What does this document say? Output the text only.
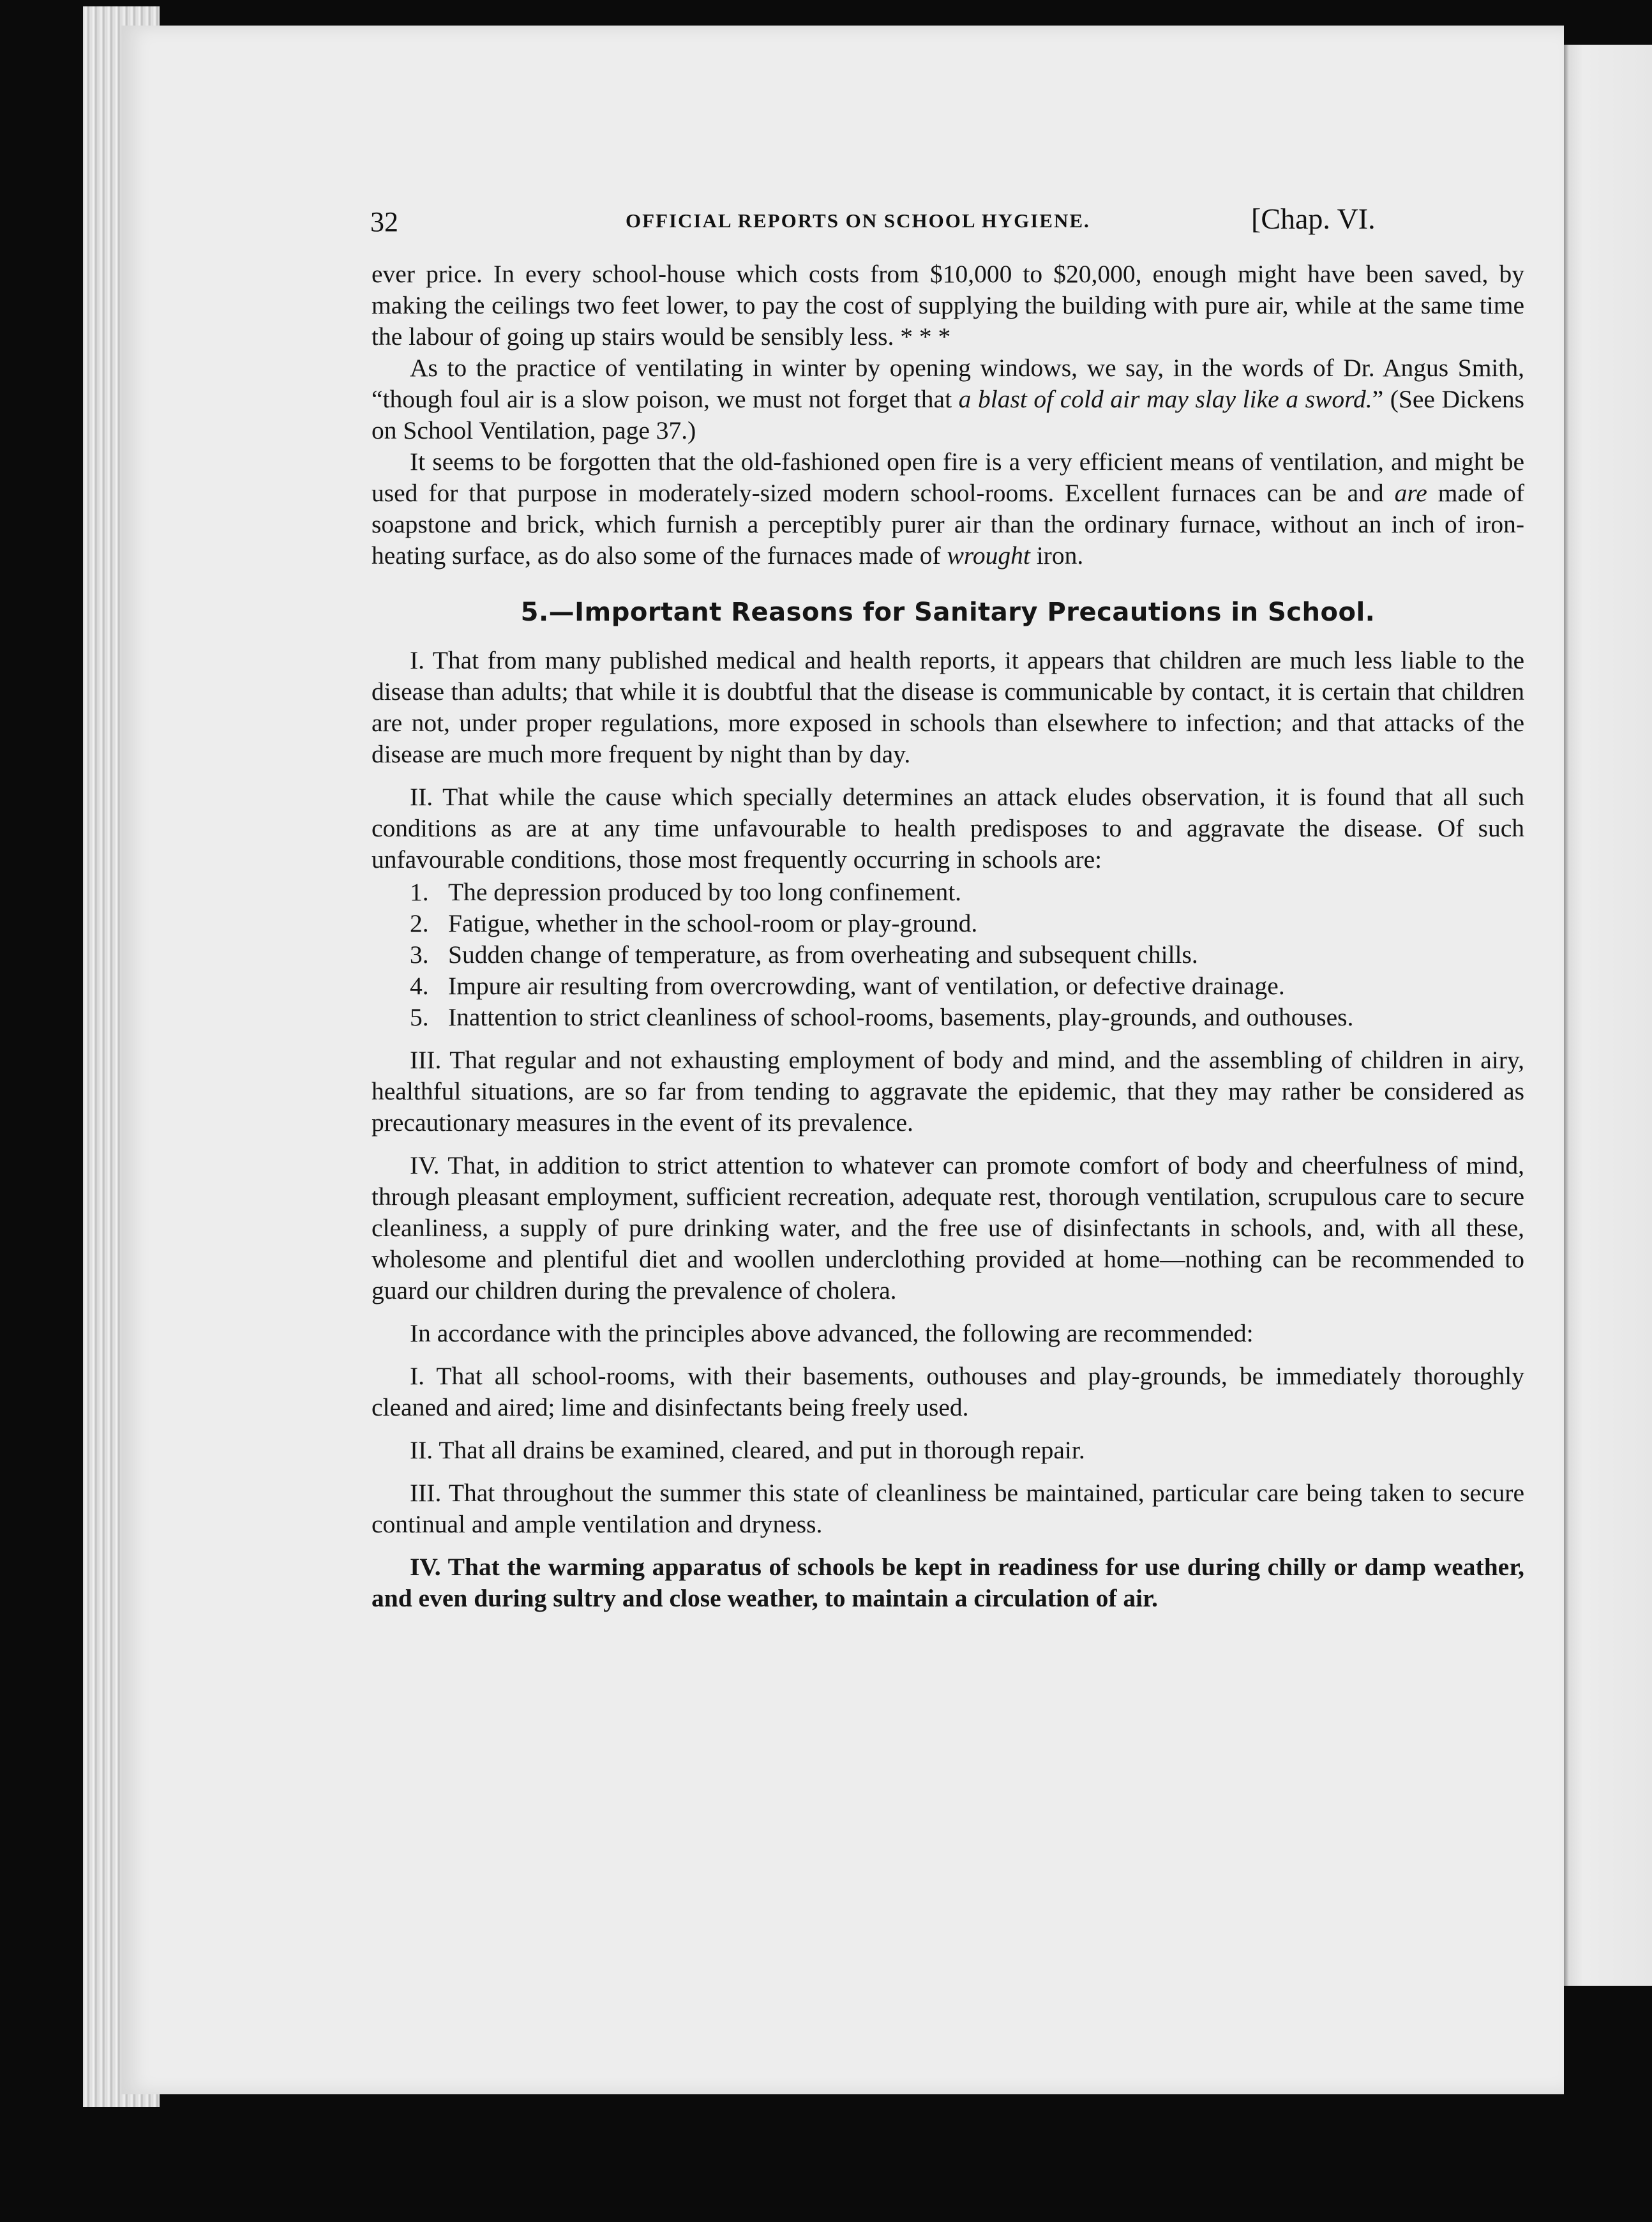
32	OFFICIAL REPORTS ON SCHOOL HYGIENE.	[Chap. VI.

ever price. In every school-house which costs from $10,000 to $20,000, enough might have been saved, by making the ceilings two feet lower, to pay the cost of supplying the building with pure air, while at the same time the labour of going up stairs would be sensibly less. * * *

As to the practice of ventilating in winter by opening windows, we say, in the words of Dr. Angus Smith, “though foul air is a slow poison, we must not forget that a blast of cold air may slay like a sword.” (See Dickens on School Ventilation, page 37.)

It seems to be forgotten that the old-fashioned open fire is a very efficient means of ventilation, and might be used for that purpose in moderately-sized modern school-rooms. Excellent furnaces can be and are made of soapstone and brick, which furnish a perceptibly purer air than the ordinary furnace, without an inch of iron-heating surface, as do also some of the furnaces made of wrought iron.

5.—Important Reasons for Sanitary Precautions in School.

I. That from many published medical and health reports, it appears that children are much less liable to the disease than adults; that while it is doubtful that the disease is communicable by contact, it is certain that children are not, under proper regulations, more exposed in schools than elsewhere to infection; and that attacks of the disease are much more frequent by night than by day.

II. That while the cause which specially determines an attack eludes observation, it is found that all such conditions as are at any time unfavourable to health predisposes to and aggravate the disease. Of such unfavourable conditions, those most frequently occurring in schools are:

1. The depression produced by too long confinement.
2. Fatigue, whether in the school-room or play-ground.
3. Sudden change of temperature, as from overheating and subsequent chills.
4. Impure air resulting from overcrowding, want of ventilation, or defective drainage.
5. Inattention to strict cleanliness of school-rooms, basements, play-grounds, and outhouses.

III. That regular and not exhausting employment of body and mind, and the assembling of children in airy, healthful situations, are so far from tending to aggravate the epidemic, that they may rather be considered as precautionary measures in the event of its prevalence.

IV. That, in addition to strict attention to whatever can promote comfort of body and cheerfulness of mind, through pleasant employment, sufficient recreation, adequate rest, thorough ventilation, scrupulous care to secure cleanliness, a supply of pure drinking water, and the free use of disinfectants in schools, and, with all these, wholesome and plentiful diet and woollen underclothing provided at home—nothing can be recommended to guard our children during the prevalence of cholera.

In accordance with the principles above advanced, the following are recommended:

I. That all school-rooms, with their basements, outhouses and play-grounds, be immediately thoroughly cleaned and aired; lime and disinfectants being freely used.

II. That all drains be examined, cleared, and put in thorough repair.

III. That throughout the summer this state of cleanliness be maintained, particular care being taken to secure continual and ample ventilation and dryness.

IV. That the warming apparatus of schools be kept in readiness for use during chilly or damp weather, and even during sultry and close weather, to maintain a circulation of air.
